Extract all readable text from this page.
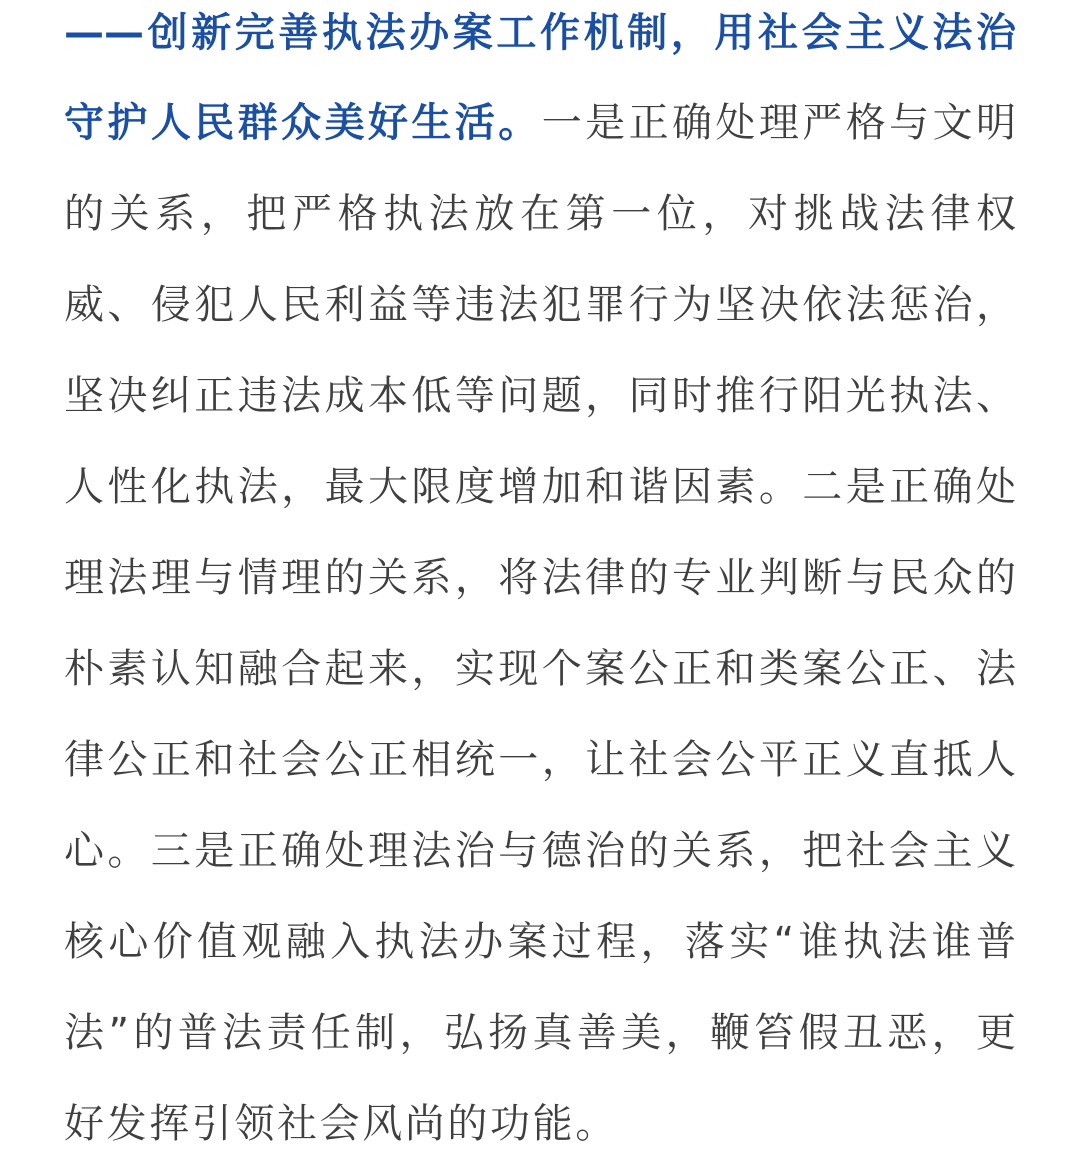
——创新完善执法办案工作机制，用社会主义法治
守护人民群众美好生活。一是正确处理严格与文明
的关系，把严格执法放在第一位，对挑战法律权
威、侵犯人民利益等违法犯罪行为坚决依法惩治，
坚决纠正违法成本低等问题，同时推行阳光执法、
人性化执法，最大限度增加和谐因素。二是正确处
理法理与情理的关系，将法律的专业判断与民众的
朴素认知融合起来，实现个案公正和类案公正、法
律公正和社会公正相统一，让社会公平正义直抵人
心。三是正确处理法治与德治的关系，把社会主义
核心价值观融入执法办案过程，落实“谁执法谁普
法”的普法责任制，弘扬真善美，鞭笞假丑恶，更
好发挥引领社会风尚的功能。
